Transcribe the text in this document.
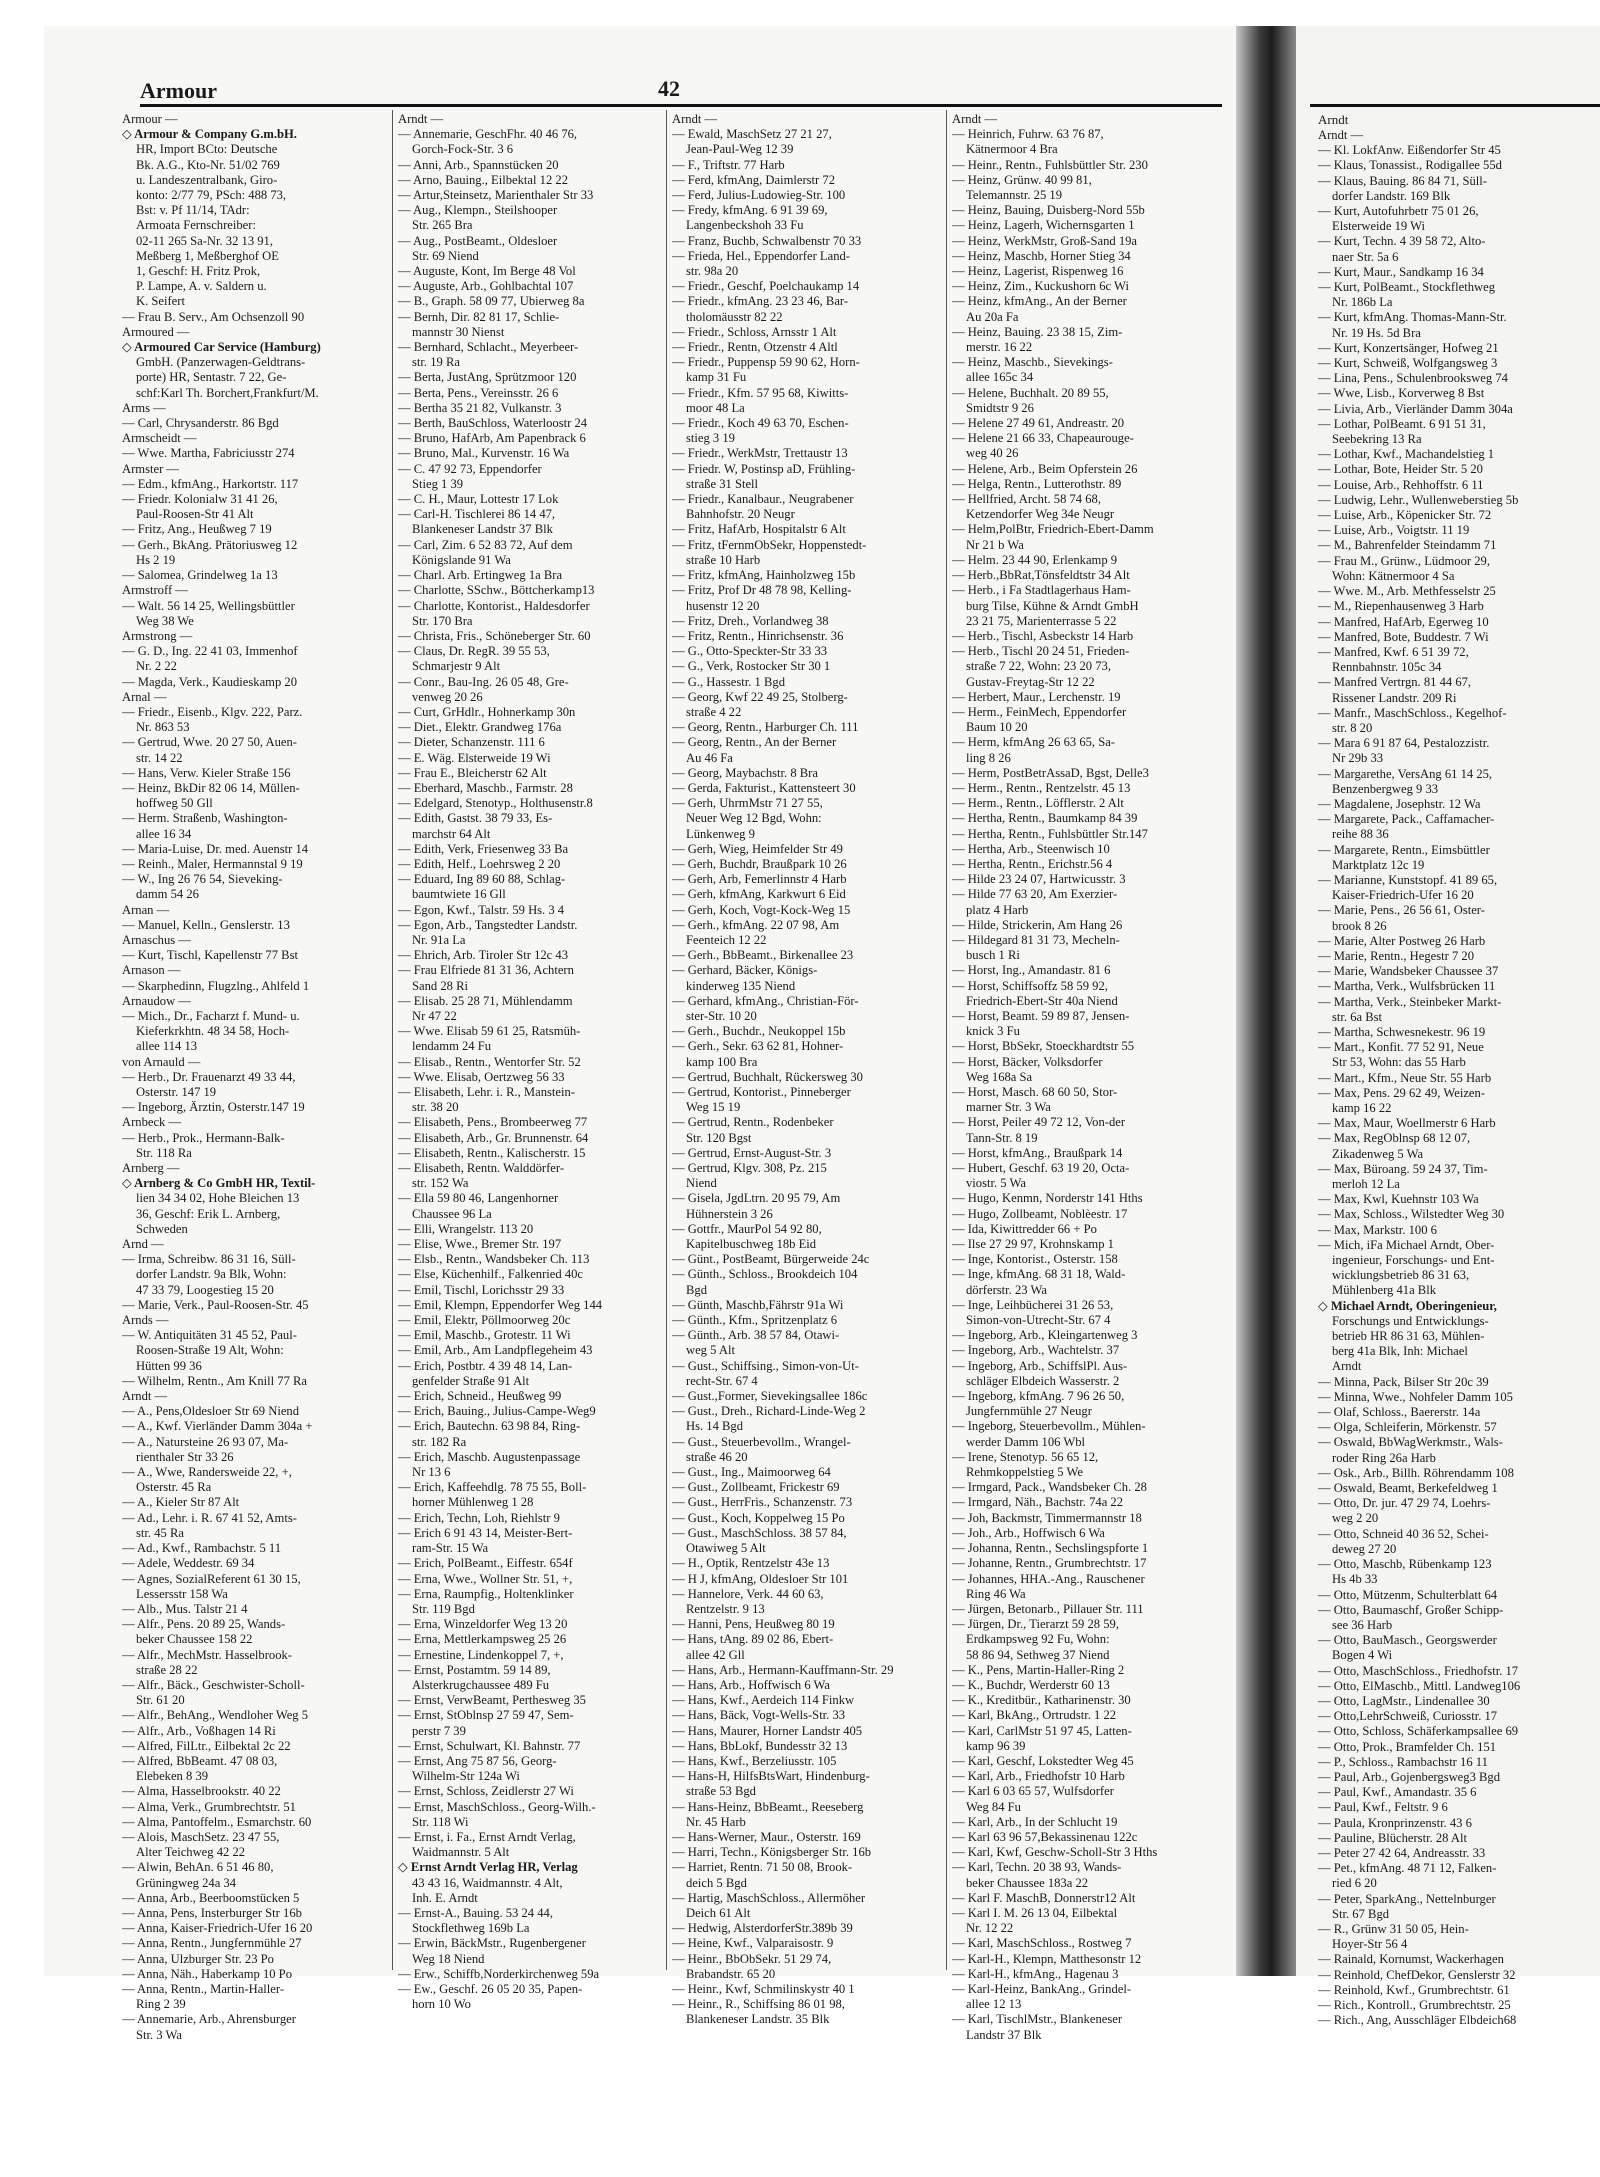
Armour	42
Arndt
Armour —
◇ Armour & Company G.m.bH.
HR, Import BCto: Deutsche
Bk. A.G., Kto-Nr. 51/02 769
u. Landeszentralbank, Giro-
konto: 2/77 79, PSch: 488 73,
Bst: v. Pf 11/14, TAdr:
Armoata Fernschreiber:
02-11 265 Sa-Nr. 32 13 91,
Meßberg 1, Meßberghof OE
1, Geschf: H. Fritz Prok,
P. Lampe, A. v. Saldern u.
K. Seifert
— Frau B. Serv., Am Ochsenzoll 90
Armoured —
◇ Armoured Car Service (Hamburg)
GmbH. (Panzerwagen-Geldtrans-
porte) HR, Sentastr. 7 22, Ge-
schf:Karl Th. Borchert,Frankfurt/M.
Arms —
— Carl, Chrysanderstr. 86 Bgd
Armscheidt —
— Wwe. Martha, Fabriciusstr 274
Armster —
— Edm., kfmAng., Harkortstr. 117
— Friedr. Kolonialw 31 41 26,
Paul-Roosen-Str 41 Alt
— Fritz, Ang., Heußweg 7 19
— Gerh., BkAng. Prätoriusweg 12
Hs 2 19
— Salomea, Grindelweg 1a 13
Armstroff —
— Walt. 56 14 25, Wellingsbüttler
Weg 38 We
Armstrong —
— G. D., Ing. 22 41 03, Immenhof
Nr. 2 22
— Magda, Verk., Kaudieskamp 20
Arnal —
— Friedr., Eisenb., Klgv. 222, Parz.
Nr. 863 53
— Gertrud, Wwe. 20 27 50, Auen-
str. 14 22
— Hans, Verw. Kieler Straße 156
— Heinz, BkDir 82 06 14, Müllen-
hoffweg 50 Gll
— Herm. Straßenb, Washington-
allee 16 34
— Maria-Luise, Dr. med. Auenstr 14
— Reinh., Maler, Hermannstal 9 19
— W., Ing 26 76 54, Sieveking-
damm 54 26
Arnan —
— Manuel, Kelln., Genslerstr. 13
Arnaschus —
— Kurt, Tischl, Kapellenstr 77 Bst
Arnason —
— Skarphedinn, Flugzlng., Ahlfeld 1
Arnaudow —
— Mich., Dr., Facharzt f. Mund- u.
Kieferkrkhtn. 48 34 58, Hoch-
allee 114 13
von Arnauld —
— Herb., Dr. Frauenarzt 49 33 44,
Osterstr. 147 19
— Ingeborg, Ärztin, Osterstr.147 19
Arnbeck —
— Herb., Prok., Hermann-Balk-
Str. 118 Ra
Arnberg —
◇ Arnberg & Co GmbH HR, Textil-
lien 34 34 02, Hohe Bleichen 13
36, Geschf: Erik L. Arnberg,
Schweden
Arnd —
— Irma, Schreibw. 86 31 16, Süll-
dorfer Landstr. 9a Blk, Wohn:
47 33 79, Loogestieg 15 20
— Marie, Verk., Paul-Roosen-Str. 45
Arnds —
— W. Antiquitäten 31 45 52, Paul-
Roosen-Straße 19 Alt, Wohn:
Hütten 99 36
— Wilhelm, Rentn., Am Knill 77 Ra
Arndt —
— A., Pens,Oldesloer Str 69 Niend
— A., Kwf. Vierländer Damm 304a +
— A., Natursteine 26 93 07, Ma-
rienthaler Str 33 26
— A., Wwe, Randersweide 22, +,
Osterstr. 45 Ra
— A., Kieler Str 87 Alt
— Ad., Lehr. i. R. 67 41 52, Amts-
str. 45 Ra
— Ad., Kwf., Rambachstr. 5 11
— Adele, Weddestr. 69 34
— Agnes, SozialReferent 61 30 15,
Lessersstr 158 Wa
— Alb., Mus. Talstr 21 4
— Alfr., Pens. 20 89 25, Wands-
beker Chaussee 158 22
— Alfr., MechMstr. Hasselbrook-
straße 28 22
— Alfr., Bäck., Geschwister-Scholl-
Str. 61 20
— Alfr., BehAng., Wendloher Weg 5
— Alfr., Arb., Voßhagen 14 Ri
— Alfred, FilLtr., Eilbektal 2c 22
— Alfred, BbBeamt. 47 08 03,
Elebeken 8 39
— Alma, Hasselbrookstr. 40 22
— Alma, Verk., Grumbrechtstr. 51
— Alma, Pantoffelm., Esmarchstr. 60
— Alois, MaschSetz. 23 47 55,
Alter Teichweg 42 22
— Alwin, BehAn. 6 51 46 80,
Grüningweg 24a 34
— Anna, Arb., Beerboomstücken 5
— Anna, Pens, Insterburger Str 16b
— Anna, Kaiser-Friedrich-Ufer 16 20
— Anna, Rentn., Jungfernmühle 27
— Anna, Ulzburger Str. 23 Po
— Anna, Näh., Haberkamp 10 Po
— Anna, Rentn., Martin-Haller-
Ring 2 39
— Annemarie, Arb., Ahrensburger
Str. 3 Wa
Arndt —
— Annemarie, GeschFhr. 40 46 76,
Gorch-Fock-Str. 3 6
— Anni, Arb., Spannstücken 20
— Arno, Bauing., Eilbektal 12 22
— Artur,Steinsetz, Marienthaler Str 33
— Aug., Klempn., Steilshooper
Str. 265 Bra
— Aug., PostBeamt., Oldesloer
Str. 69 Niend
— Auguste, Kont, Im Berge 48 Vol
— Auguste, Arb., Gohlbachtal 107
— B., Graph. 58 09 77, Ubierweg 8a
— Bernh, Dir. 82 81 17, Schlie-
mannstr 30 Nienst
— Bernhard, Schlacht., Meyerbeer-
str. 19 Ra
— Berta, JustAng, Sprützmoor 120
— Berta, Pens., Vereinsstr. 26 6
— Bertha 35 21 82, Vulkanstr. 3
— Berth, BauSchloss, Waterloostr 24
— Bruno, HafArb, Am Papenbrack 6
— Bruno, Mal., Kurvenstr. 16 Wa
— C. 47 92 73, Eppendorfer
Stieg 1 39
— C. H., Maur, Lottestr 17 Lok
— Carl-H. Tischlerei 86 14 47,
Blankeneser Landstr 37 Blk
— Carl, Zim. 6 52 83 72, Auf dem
Königslande 91 Wa
— Charl. Arb. Ertingweg 1a Bra
— Charlotte, SSchw., Böttcherkamp13
— Charlotte, Kontorist., Haldesdorfer
Str. 170 Bra
— Christa, Fris., Schöneberger Str. 60
— Claus, Dr. RegR. 39 55 53,
Schmarjestr 9 Alt
— Conr., Bau-Ing. 26 05 48, Gre-
venweg 20 26
— Curt, GrHdlr., Hohnerkamp 30n
— Diet., Elektr. Grandweg 176a
— Dieter, Schanzenstr. 111 6
— E. Wäg. Elsterweide 19 Wi
— Frau E., Bleicherstr 62 Alt
— Eberhard, Maschb., Farmstr. 28
— Edelgard, Stenotyp., Holthusenstr.8
— Edith, Gastst. 38 79 33, Es-
marchstr 64 Alt
— Edith, Verk, Friesenweg 33 Ba
— Edith, Helf., Loehrsweg 2 20
— Eduard, Ing 89 60 88, Schlag-
baumtwiete 16 Gll
— Egon, Kwf., Talstr. 59 Hs. 3 4
— Egon, Arb., Tangstedter Landstr.
Nr. 91a La
— Ehrich, Arb. Tiroler Str 12c 43
— Frau Elfriede 81 31 36, Achtern
Sand 28 Ri
— Elisab. 25 28 71, Mühlendamm
Nr 47 22
— Wwe. Elisab 59 61 25, Ratsmüh-
lendamm 24 Fu
— Elisab., Rentn., Wentorfer Str. 52
— Wwe. Elisab, Oertzweg 56 33
— Elisabeth, Lehr. i. R., Manstein-
str. 38 20
— Elisabeth, Pens., Brombeerweg 77
— Elisabeth, Arb., Gr. Brunnenstr. 64
— Elisabeth, Rentn., Kalischerstr. 15
— Elisabeth, Rentn. Walddörfer-
str. 152 Wa
— Ella 59 80 46, Langenhorner
Chaussee 96 La
— Elli, Wrangelstr. 113 20
— Elise, Wwe., Bremer Str. 197
— Elsb., Rentn., Wandsbeker Ch. 113
— Else, Küchenhilf., Falkenried 40c
— Emil, Tischl, Lorichsstr 29 33
— Emil, Klempn, Eppendorfer Weg 144
— Emil, Elektr, Pöllmoorweg 20c
— Emil, Maschb., Grotestr. 11 Wi
— Emil, Arb., Am Landpflegeheim 43
— Erich, Postbtr. 4 39 48 14, Lan-
genfelder Straße 91 Alt
— Erich, Schneid., Heußweg 99
— Erich, Bauing., Julius-Campe-Weg9
— Erich, Bautechn. 63 98 84, Ring-
str. 182 Ra
— Erich, Maschb. Augustenpassage
Nr 13 6
— Erich, Kaffeehdlg. 78 75 55, Boll-
horner Mühlenweg 1 28
— Erich, Techn, Loh, Riehlstr 9
— Erich 6 91 43 14, Meister-Bert-
ram-Str. 15 Wa
— Erich, PolBeamt., Eiffestr. 654f
— Erna, Wwe., Wollner Str. 51, +,
— Erna, Raumpfig., Holtenklinker
Str. 119 Bgd
— Erna, Winzeldorfer Weg 13 20
— Erna, Mettlerkampsweg 25 26
— Ernestine, Lindenkoppel 7, +,
— Ernst, Postamtm. 59 14 89,
Alsterkrugchaussee 489 Fu
— Ernst, VerwBeamt, Perthesweg 35
— Ernst, StOblnsp 27 59 47, Sem-
perstr 7 39
— Ernst, Schulwart, Kl. Bahnstr. 77
— Ernst, Ang 75 87 56, Georg-
Wilhelm-Str 124a Wi
— Ernst, Schloss, Zeidlerstr 27 Wi
— Ernst, MaschSchloss., Georg-Wilh.-
Str. 118 Wi
— Ernst, i. Fa., Ernst Arndt Verlag,
Waidmannstr. 5 Alt
◇ Ernst Arndt Verlag HR, Verlag
43 43 16, Waidmannstr. 4 Alt,
Inh. E. Arndt
— Ernst-A., Bauing. 53 24 44,
Stockflethweg 169b La
— Erwin, BäckMstr., Rugenbergener
Weg 18 Niend
— Erw., Schiffb,Norderkirchenweg 59a
— Ew., Geschf. 26 05 20 35, Papen-
horn 10 Wo
Arndt —
— Ewald, MaschSetz 27 21 27,
Jean-Paul-Weg 12 39
— F., Triftstr. 77 Harb
— Ferd, kfmAng, Daimlerstr 72
— Ferd, Julius-Ludowieg-Str. 100
— Fredy, kfmAng. 6 91 39 69,
Langenbeckshoh 33 Fu
— Franz, Buchb, Schwalbenstr 70 33
— Frieda, Hel., Eppendorfer Land-
str. 98a 20
— Friedr., Geschf, Poelchaukamp 14
— Friedr., kfmAng. 23 23 46, Bar-
tholomäusstr 82 22
— Friedr., Schloss, Arnsstr 1 Alt
— Friedr., Rentn, Otzenstr 4 Altl
— Friedr., Puppensp 59 90 62, Horn-
kamp 31 Fu
— Friedr., Kfm. 57 95 68, Kiwitts-
moor 48 La
— Friedr., Koch 49 63 70, Eschen-
stieg 3 19
— Friedr., WerkMstr, Trettaustr 13
— Friedr. W, Postinsp aD, Frühling-
straße 31 Stell
— Friedr., Kanalbaur., Neugrabener
Bahnhofstr. 20 Neugr
— Fritz, HafArb, Hospitalstr 6 Alt
— Fritz, tFernmObSekr, Hoppenstedt-
straße 10 Harb
— Fritz, kfmAng, Hainholzweg 15b
— Fritz, Prof Dr 48 78 98, Kelling-
husenstr 12 20
— Fritz, Dreh., Vorlandweg 38
— Fritz, Rentn., Hinrichsenstr. 36
— G., Otto-Speckter-Str 33 33
— G., Verk, Rostocker Str 30 1
— G., Hassestr. 1 Bgd
— Georg, Kwf 22 49 25, Stolberg-
straße 4 22
— Georg, Rentn., Harburger Ch. 111
— Georg, Rentn., An der Berner
Au 46 Fa
— Georg, Maybachstr. 8 Bra
— Gerda, Fakturist., Kattensteert 30
— Gerh, UhrmMstr 71 27 55,
Neuer Weg 12 Bgd, Wohn:
Lünkenweg 9
— Gerh, Wieg, Heimfelder Str 49
— Gerh, Buchdr, Braußpark 10 26
— Gerh, Arb, Femerlinnstr 4 Harb
— Gerh, kfmAng, Karkwurt 6 Eid
— Gerh, Koch, Vogt-Kock-Weg 15
— Gerh., kfmAng. 22 07 98, Am
Feenteich 12 22
— Gerh., BbBeamt., Birkenallee 23
— Gerhard, Bäcker, Königs-
kinderweg 135 Niend
— Gerhard, kfmAng., Christian-För-
ster-Str. 10 20
— Gerh., Buchdr., Neukoppel 15b
— Gerh., Sekr. 63 62 81, Hohner-
kamp 100 Bra
— Gertrud, Buchhalt, Rückersweg 30
— Gertrud, Kontorist., Pinneberger
Weg 15 19
— Gertrud, Rentn., Rodenbeker
Str. 120 Bgst
— Gertrud, Ernst-August-Str. 3
— Gertrud, Klgv. 308, Pz. 215
Niend
— Gisela, JgdLtrn. 20 95 79, Am
Hühnerstein 3 26
— Gottfr., MaurPol 54 92 80,
Kapitelbuschweg 18b Eid
— Günt., PostBeamt, Bürgerweide 24c
— Günth., Schloss., Brookdeich 104
Bgd
— Günth, Maschb,Fährstr 91a Wi
— Günth., Kfm., Spritzenplatz 6
— Günth., Arb. 38 57 84, Otawi-
weg 5 Alt
— Gust., Schiffsing., Simon-von-Ut-
recht-Str. 67 4
— Gust.,Former, Sievekingsallee 186c
— Gust., Dreh., Richard-Linde-Weg 2
Hs. 14 Bgd
— Gust., Steuerbevollm., Wrangel-
straße 46 20
— Gust., Ing., Maimoorweg 64
— Gust., Zollbeamt, Frickestr 69
— Gust., HerrFris., Schanzenstr. 73
— Gust., Koch, Koppelweg 15 Po
— Gust., MaschSchloss. 38 57 84,
Otawiweg 5 Alt
— H., Optik, Rentzelstr 43e 13
— H J, kfmAng, Oldesloer Str 101
— Hannelore, Verk. 44 60 63,
Rentzelstr. 9 13
— Hanni, Pens, Heußweg 80 19
— Hans, tAng. 89 02 86, Ebert-
allee 42 Gll
— Hans, Arb., Hermann-Kauffmann-Str. 29
— Hans, Arb., Hoffwisch 6 Wa
— Hans, Kwf., Aerdeich 114 Finkw
— Hans, Bäck, Vogt-Wells-Str. 33
— Hans, Maurer, Horner Landstr 405
— Hans, BbLokf, Bundesstr 32 13
— Hans, Kwf., Berzeliusstr. 105
— Hans-H, HilfsBtsWart, Hindenburg-
straße 53 Bgd
— Hans-Heinz, BbBeamt., Reeseberg
Nr. 45 Harb
— Hans-Werner, Maur., Osterstr. 169
— Harri, Techn., Königsberger Str. 16b
— Harriet, Rentn. 71 50 08, Brook-
deich 5 Bgd
— Hartig, MaschSchloss., Allermöher
Deich 61 Alt
— Hedwig, AlsterdorferStr.389b 39
— Heine, Kwf., Valparaisostr. 9
— Heinr., BbObSekr. 51 29 74,
Brabandstr. 65 20
— Heinr., Kwf, Schmilinskystr 40 1
— Heinr., R., Schiffsing 86 01 98,
Blankeneser Landstr. 35 Blk
Arndt —
— Heinrich, Fuhrw. 63 76 87,
Kätnermoor 4 Bra
— Heinr., Rentn., Fuhlsbüttler Str. 230
— Heinz, Grünw. 40 99 81,
Telemannstr. 25 19
— Heinz, Bauing, Duisberg-Nord 55b
— Heinz, Lagerh, Wichernsgarten 1
— Heinz, WerkMstr, Groß-Sand 19a
— Heinz, Maschb, Horner Stieg 34
— Heinz, Lagerist, Rispenweg 16
— Heinz, Zim., Kuckushorn 6c Wi
— Heinz, kfmAng., An der Berner
Au 20a Fa
— Heinz, Bauing. 23 38 15, Zim-
merstr. 16 22
— Heinz, Maschb., Sievekings-
allee 165c 34
— Helene, Buchhalt. 20 89 55,
Smidtstr 9 26
— Helene 27 49 61, Andreastr. 20
— Helene 21 66 33, Chapeaurouge-
weg 40 26
— Helene, Arb., Beim Opferstein 26
— Helga, Rentn., Lutterothstr. 89
— Hellfried, Archt. 58 74 68,
Ketzendorfer Weg 34e Neugr
— Helm,PolBtr, Friedrich-Ebert-Damm
Nr 21 b Wa
— Helm. 23 44 90, Erlenkamp 9
— Herb.,BbRat,Tönsfeldtstr 34 Alt
— Herb., i Fa Stadtlagerhaus Ham-
burg Tilse, Kühne & Arndt GmbH
23 21 75, Marienterrasse 5 22
— Herb., Tischl, Asbeckstr 14 Harb
— Herb., Tischl 20 24 51, Frieden-
straße 7 22, Wohn: 23 20 73,
Gustav-Freytag-Str 12 22
— Herbert, Maur., Lerchenstr. 19
— Herm., FeinMech, Eppendorfer
Baum 10 20
— Herm, kfmAng 26 63 65, Sa-
ling 8 26
— Herm, PostBetrAssaD, Bgst, Delle3
— Herm., Rentn., Rentzelstr. 45 13
— Herm., Rentn., Löfflerstr. 2 Alt
— Hertha, Rentn., Baumkamp 84 39
— Hertha, Rentn., Fuhlsbüttler Str.147
— Hertha, Arb., Steenwisch 10
— Hertha, Rentn., Erichstr.56 4
— Hilde 23 24 07, Hartwicusstr. 3
— Hilde 77 63 20, Am Exerzier-
platz 4 Harb
— Hilde, Strickerin, Am Hang 26
— Hildegard 81 31 73, Mecheln-
busch 1 Ri
— Horst, Ing., Amandastr. 81 6
— Horst, Schiffsoffz 58 59 92,
Friedrich-Ebert-Str 40a Niend
— Horst, Beamt. 59 89 87, Jensen-
knick 3 Fu
— Horst, BbSekr, Stoeckhardtstr 55
— Horst, Bäcker, Volksdorfer
Weg 168a Sa
— Horst, Masch. 68 60 50, Stor-
marner Str. 3 Wa
— Horst, Peiler 49 72 12, Von-der
Tann-Str. 8 19
— Horst, kfmAng., Braußpark 14
— Hubert, Geschf. 63 19 20, Octa-
viostr. 5 Wa
— Hugo, Kenmn, Norderstr 141 Hths
— Hugo, Zollbeamt, Noblèestr. 17
— Ida, Kiwittredder 66 + Po
— Ilse 27 29 97, Krohnskamp 1
— Inge, Kontorist., Osterstr. 158
— Inge, kfmAng. 68 31 18, Wald-
dörferstr. 23 Wa
— Inge, Leihbücherei 31 26 53,
Simon-von-Utrecht-Str. 67 4
— Ingeborg, Arb., Kleingartenweg 3
— Ingeborg, Arb., Wachtelstr. 37
— Ingeborg, Arb., SchiffslPl. Aus-
schläger Elbdeich Wasserstr. 2
— Ingeborg, kfmAng. 7 96 26 50,
Jungfernmühle 27 Neugr
— Ingeborg, Steuerbevollm., Mühlen-
werder Damm 106 Wbl
— Irene, Stenotyp. 56 65 12,
Rehmkoppelstieg 5 We
— Irmgard, Pack., Wandsbeker Ch. 28
— Irmgard, Näh., Bachstr. 74a 22
— Joh, Backmstr, Timmermannstr 18
— Joh., Arb., Hoffwisch 6 Wa
— Johanna, Rentn., Sechslingspforte 1
— Johanne, Rentn., Grumbrechtstr. 17
— Johannes, HHA.-Ang., Rauschener
Ring 46 Wa
— Jürgen, Betonarb., Pillauer Str. 111
— Jürgen, Dr., Tierarzt 59 28 59,
Erdkampsweg 92 Fu, Wohn:
58 86 94, Sethweg 37 Niend
— K., Pens, Martin-Haller-Ring 2
— K., Buchdr, Werderstr 60 13
— K., Kreditbür., Katharinenstr. 30
— Karl, BkAng., Ortrudstr. 1 22
— Karl, CarlMstr 51 97 45, Latten-
kamp 96 39
— Karl, Geschf, Lokstedter Weg 45
— Karl, Arb., Friedhofstr 10 Harb
— Karl 6 03 65 57, Wulfsdorfer
Weg 84 Fu
— Karl, Arb., In der Schlucht 19
— Karl 63 96 57,Bekassinenau 122c
— Karl, Kwf, Geschw-Scholl-Str 3 Hths
— Karl, Techn. 20 38 93, Wands-
beker Chaussee 183a 22
— Karl F. MaschB, Donnerstr12 Alt
— Karl I. M. 26 13 04, Eilbektal
Nr. 12 22
— Karl, MaschSchloss., Rostweg 7
— Karl-H., Klempn, Matthesonstr 12
— Karl-H., kfmAng., Hagenau 3
— Karl-Heinz, BankAng., Grindel-
allee 12 13
— Karl, TischlMstr., Blankeneser
Landstr 37 Blk
Arndt —
— Kl. LokfAnw. Eißendorfer Str 45
— Klaus, Tonassist., Rodigallee 55d
— Klaus, Bauing. 86 84 71, Süll-
dorfer Landstr. 169 Blk
— Kurt, Autofuhrbetr 75 01 26,
Elsterweide 19 Wi
— Kurt, Techn. 4 39 58 72, Alto-
naer Str. 5a 6
— Kurt, Maur., Sandkamp 16 34
— Kurt, PolBeamt., Stockflethweg
Nr. 186b La
— Kurt, kfmAng. Thomas-Mann-Str.
Nr. 19 Hs. 5d Bra
— Kurt, Konzertsänger, Hofweg 21
— Kurt, Schweiß, Wolfgangsweg 3
— Lina, Pens., Schulenbrooksweg 74
— Wwe, Lisb., Korverweg 8 Bst
— Livia, Arb., Vierländer Damm 304a
— Lothar, PolBeamt. 6 91 51 31,
Seebekring 13 Ra
— Lothar, Kwf., Machandelstieg 1
— Lothar, Bote, Heider Str. 5 20
— Louise, Arb., Rehhoffstr. 6 11
— Ludwig, Lehr., Wullenweberstieg 5b
— Luise, Arb., Köpenicker Str. 72
— Luise, Arb., Voigtstr. 11 19
— M., Bahrenfelder Steindamm 71
— Frau M., Grünw., Lüdmoor 29,
Wohn: Kätnermoor 4 Sa
— Wwe. M., Arb. Methfesselstr 25
— M., Riepenhausenweg 3 Harb
— Manfred, HafArb, Egerweg 10
— Manfred, Bote, Buddestr. 7 Wi
— Manfred, Kwf. 6 51 39 72,
Rennbahnstr. 105c 34
— Manfred Vertrgn. 81 44 67,
Rissener Landstr. 209 Ri
— Manfr., MaschSchloss., Kegelhof-
str. 8 20
— Mara 6 91 87 64, Pestalozzistr.
Nr 29b 33
— Margarethe, VersAng 61 14 25,
Benzenbergweg 9 33
— Magdalene, Josephstr. 12 Wa
— Margarete, Pack., Caffamacher-
reihe 88 36
— Margarete, Rentn., Eimsbüttler
Marktplatz 12c 19
— Marianne, Kunststopf. 41 89 65,
Kaiser-Friedrich-Ufer 16 20
— Marie, Pens., 26 56 61, Oster-
brook 8 26
— Marie, Alter Postweg 26 Harb
— Marie, Rentn., Hegestr 7 20
— Marie, Wandsbeker Chaussee 37
— Martha, Verk., Wulfsbrücken 11
— Martha, Verk., Steinbeker Markt-
str. 6a Bst
— Martha, Schwesnekestr. 96 19
— Mart., Konfit. 77 52 91, Neue
Str 53, Wohn: das 55 Harb
— Mart., Kfm., Neue Str. 55 Harb
— Max, Pens. 29 62 49, Weizen-
kamp 16 22
— Max, Maur, Woellmerstr 6 Harb
— Max, RegOblnsp 68 12 07,
Zikadenweg 5 Wa
— Max, Büroang. 59 24 37, Tim-
merloh 12 La
— Max, Kwl, Kuehnstr 103 Wa
— Max, Schloss., Wilstedter Weg 30
— Max, Markstr. 100 6
— Mich, iFa Michael Arndt, Ober-
ingenieur, Forschungs- und Ent-
wicklungsbetrieb 86 31 63,
Mühlenberg 41a Blk
◇ Michael Arndt, Oberingenieur,
Forschungs und Entwicklungs-
betrieb HR 86 31 63, Mühlen-
berg 41a Blk, Inh: Michael
Arndt
— Minna, Pack, Bilser Str 20c 39
— Minna, Wwe., Nohfeler Damm 105
— Olaf, Schloss., Baererstr. 14a
— Olga, Schleiferin, Mörkenstr. 57
— Oswald, BbWagWerkmstr., Wals-
roder Ring 26a Harb
— Osk., Arb., Billh. Röhrendamm 108
— Oswald, Beamt, Berkefeldweg 1
— Otto, Dr. jur. 47 29 74, Loehrs-
weg 2 20
— Otto, Schneid 40 36 52, Schei-
deweg 27 20
— Otto, Maschb, Rübenkamp 123
Hs 4b 33
— Otto, Mützenm, Schulterblatt 64
— Otto, Baumaschf, Großer Schipp-
see 36 Harb
— Otto, BauMasch., Georgswerder
Bogen 4 Wi
— Otto, MaschSchloss., Friedhofstr. 17
— Otto, ElMaschb., Mittl. Landweg106
— Otto, LagMstr., Lindenallee 30
— Otto,LehrSchweiß, Curiosstr. 17
— Otto, Schloss, Schäferkampsallee 69
— Otto, Prok., Bramfelder Ch. 151
— P., Schloss., Rambachstr 16 11
— Paul, Arb., Gojenbergsweg3 Bgd
— Paul, Kwf., Amandastr. 35 6
— Paul, Kwf., Feltstr. 9 6
— Paula, Kronprinzenstr. 43 6
— Pauline, Blücherstr. 28 Alt
— Peter 27 42 64, Andreasstr. 33
— Pet., kfmAng. 48 71 12, Falken-
ried 6 20
— Peter, SparkAng., Nettelnburger
Str. 67 Bgd
— R., Grünw 31 50 05, Hein-
Hoyer-Str 56 4
— Rainald, Kornumst, Wackerhagen
— Reinhold, ChefDekor, Genslerstr 32
— Reinhold, Kwf., Grumbrechtstr. 61
— Rich., Kontroll., Grumbrechtstr. 25
— Rich., Ang, Ausschläger Elbdeich68
